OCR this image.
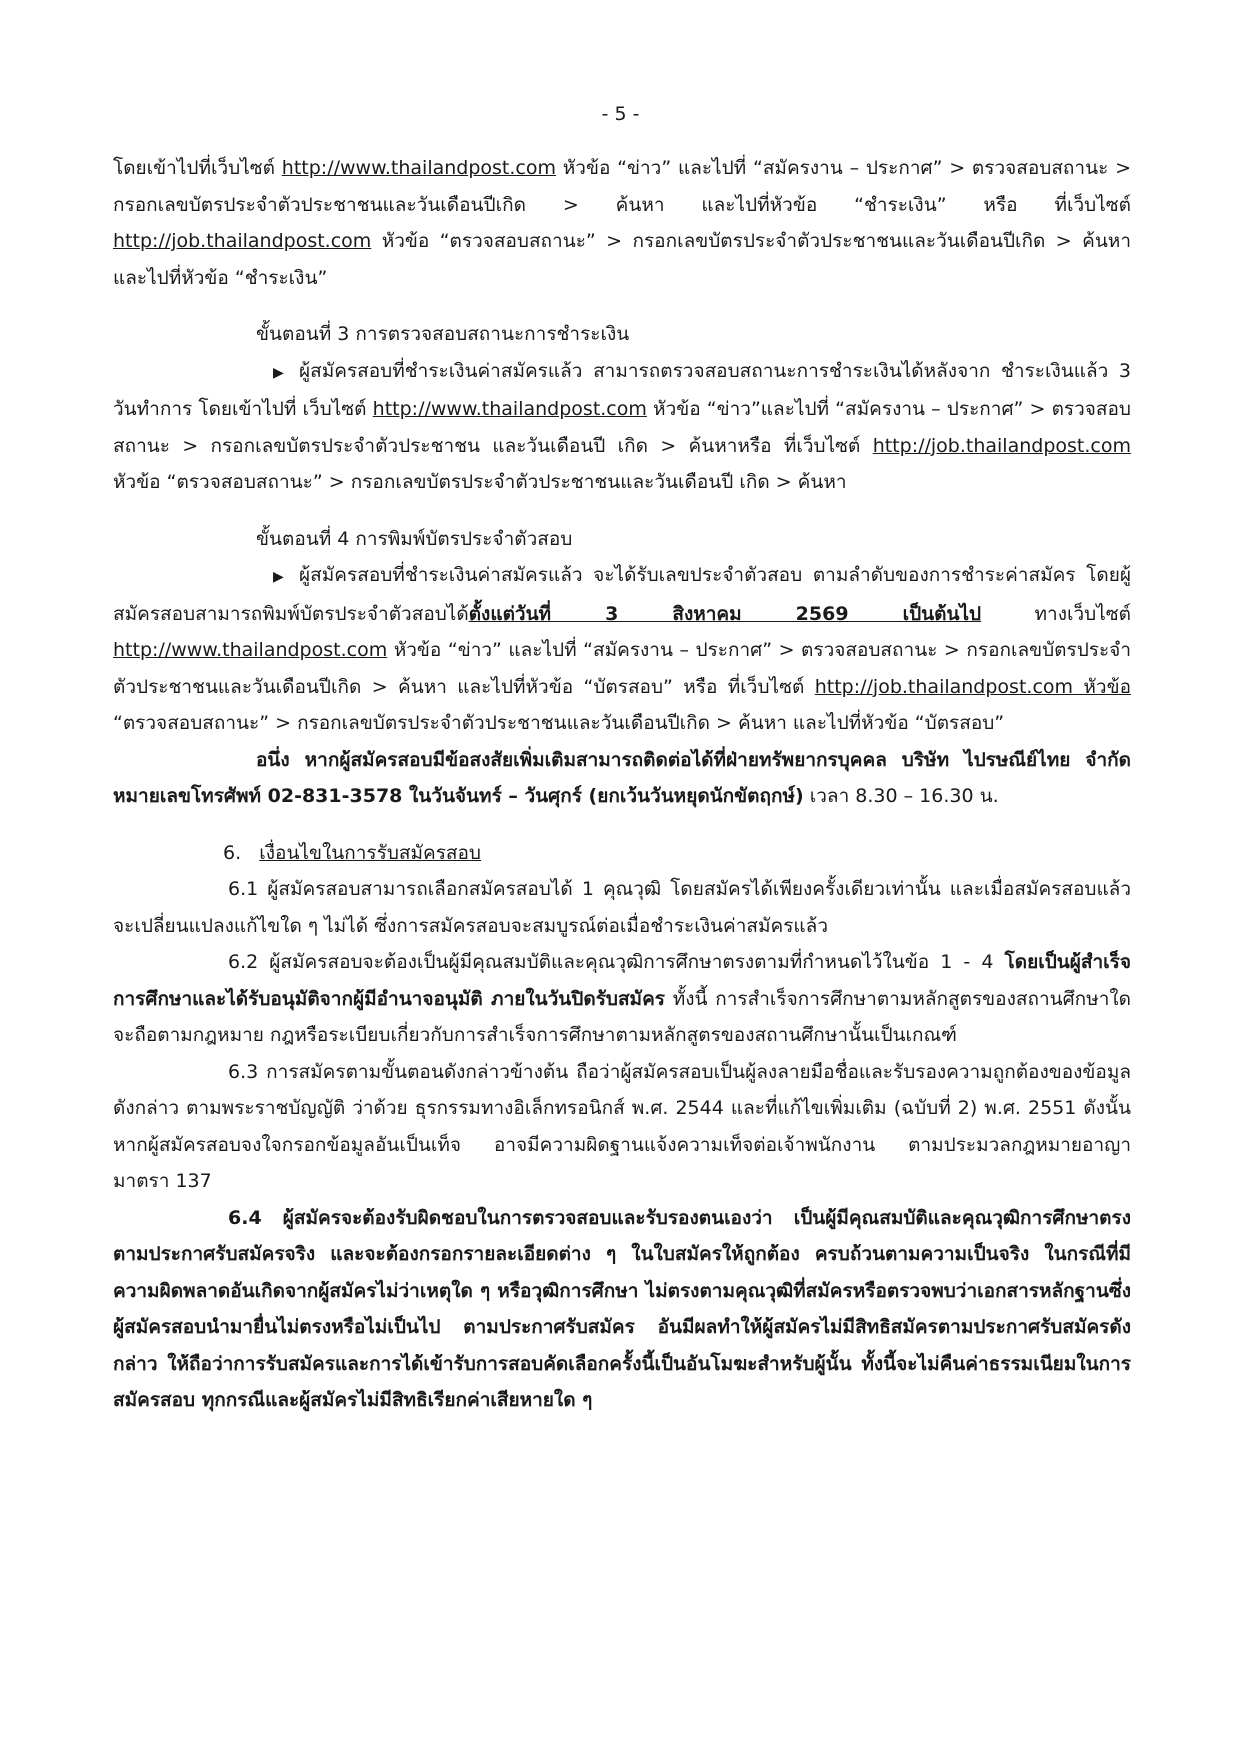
- 5 -

โดยเข้าไปที่เว็บไซต์ http://www.thailandpost.com หัวข้อ “ข่าว” และไปที่ “สมัครงาน – ประกาศ” > ตรวจสอบสถานะ > กรอกเลขบัตรประจำตัวประชาชนและวันเดือนปีเกิด > ค้นหา และไปที่หัวข้อ “ชำระเงิน” หรือ ที่เว็บไซต์ http://job.thailandpost.com หัวข้อ “ตรวจสอบสถานะ” > กรอกเลขบัตรประจำตัวประชาชนและวันเดือนปีเกิด > ค้นหา และไปที่หัวข้อ “ชำระเงิน”

ขั้นตอนที่ 3 การตรวจสอบสถานะการชำระเงิน

▶ ผู้สมัครสอบที่ชำระเงินค่าสมัครแล้ว สามารถตรวจสอบสถานะการชำระเงินได้หลังจาก ชำระเงินแล้ว 3 วันทำการ โดยเข้าไปที่ เว็บไซต์ http://www.thailandpost.com หัวข้อ “ข่าว”และไปที่ “สมัครงาน – ประกาศ” > ตรวจสอบสถานะ > กรอกเลขบัตรประจำตัวประชาชน และวันเดือนปี เกิด > ค้นหาหรือ ที่เว็บไซต์ http://job.thailandpost.com หัวข้อ “ตรวจสอบสถานะ” > กรอกเลขบัตรประจำตัวประชาชนและวันเดือนปี เกิด > ค้นหา

ขั้นตอนที่ 4 การพิมพ์บัตรประจำตัวสอบ

▶ ผู้สมัครสอบที่ชำระเงินค่าสมัครแล้ว จะได้รับเลขประจำตัวสอบ ตามลำดับของการชำระค่าสมัคร โดยผู้สมัครสอบสามารถพิมพ์บัตรประจำตัวสอบได้ตั้งแต่วันที่ 3 สิงหาคม 2569 เป็นต้นไป ทางเว็บไซต์ http://www.thailandpost.com หัวข้อ “ข่าว” และไปที่ “สมัครงาน – ประกาศ” > ตรวจสอบสถานะ > กรอกเลขบัตรประจำตัวประชาชนและวันเดือนปีเกิด > ค้นหา และไปที่หัวข้อ “บัตรสอบ” หรือ ที่เว็บไซต์ http://job.thailandpost.com หัวข้อ “ตรวจสอบสถานะ” > กรอกเลขบัตรประจำตัวประชาชนและวันเดือนปีเกิด > ค้นหา และไปที่หัวข้อ “บัตรสอบ”

อนึ่ง หากผู้สมัครสอบมีข้อสงสัยเพิ่มเติมสามารถติดต่อได้ที่ฝ่ายทรัพยากรบุคคล บริษัท ไปรษณีย์ไทย จำกัด หมายเลขโทรศัพท์ 02-831-3578 ในวันจันทร์ – วันศุกร์ (ยกเว้นวันหยุดนักขัตฤกษ์) เวลา 8.30 – 16.30 น.

6. เงื่อนไขในการรับสมัครสอบ

6.1 ผู้สมัครสอบสามารถเลือกสมัครสอบได้ 1 คุณวุฒิ โดยสมัครได้เพียงครั้งเดียวเท่านั้น และเมื่อสมัครสอบแล้วจะเปลี่ยนแปลงแก้ไขใด ๆ ไม่ได้ ซึ่งการสมัครสอบจะสมบูรณ์ต่อเมื่อชำระเงินค่าสมัครแล้ว

6.2 ผู้สมัครสอบจะต้องเป็นผู้มีคุณสมบัติและคุณวุฒิการศึกษาตรงตามที่กำหนดไว้ในข้อ 1 - 4 โดยเป็นผู้สำเร็จการศึกษาและได้รับอนุมัติจากผู้มีอำนาจอนุมัติ ภายในวันปิดรับสมัคร ทั้งนี้ การสำเร็จการศึกษาตามหลักสูตรของสถานศึกษาใดจะถือตามกฎหมาย กฎหรือระเบียบเกี่ยวกับการสำเร็จการศึกษาตามหลักสูตรของสถานศึกษานั้นเป็นเกณฑ์

6.3 การสมัครตามขั้นตอนดังกล่าวข้างต้น ถือว่าผู้สมัครสอบเป็นผู้ลงลายมือชื่อและรับรองความถูกต้องของข้อมูลดังกล่าว ตามพระราชบัญญัติ ว่าด้วย ธุรกรรมทางอิเล็กทรอนิกส์ พ.ศ. 2544 และที่แก้ไขเพิ่มเติม (ฉบับที่ 2) พ.ศ. 2551 ดังนั้น หากผู้สมัครสอบจงใจกรอกข้อมูลอันเป็นเท็จ อาจมีความผิดฐานแจ้งความเท็จต่อเจ้าพนักงาน ตามประมวลกฎหมายอาญา มาตรา 137

6.4 ผู้สมัครจะต้องรับผิดชอบในการตรวจสอบและรับรองตนเองว่า เป็นผู้มีคุณสมบัติและคุณวุฒิการศึกษาตรงตามประกาศรับสมัครจริง และจะต้องกรอกรายละเอียดต่าง ๆ ในใบสมัครให้ถูกต้อง ครบถ้วนตามความเป็นจริง ในกรณีที่มีความผิดพลาดอันเกิดจากผู้สมัครไม่ว่าเหตุใด ๆ หรือวุฒิการศึกษา ไม่ตรงตามคุณวุฒิที่สมัครหรือตรวจพบว่าเอกสารหลักฐานซึ่งผู้สมัครสอบนำมายื่นไม่ตรงหรือไม่เป็นไป ตามประกาศรับสมัคร อันมีผลทำให้ผู้สมัครไม่มีสิทธิสมัครตามประกาศรับสมัครดังกล่าว ให้ถือว่าการรับสมัครและการได้เข้ารับการสอบคัดเลือกครั้งนี้เป็นอันโมฆะสำหรับผู้นั้น ทั้งนี้จะไม่คืนค่าธรรมเนียมในการสมัครสอบ ทุกกรณีและผู้สมัครไม่มีสิทธิเรียกค่าเสียหายใด ๆ
